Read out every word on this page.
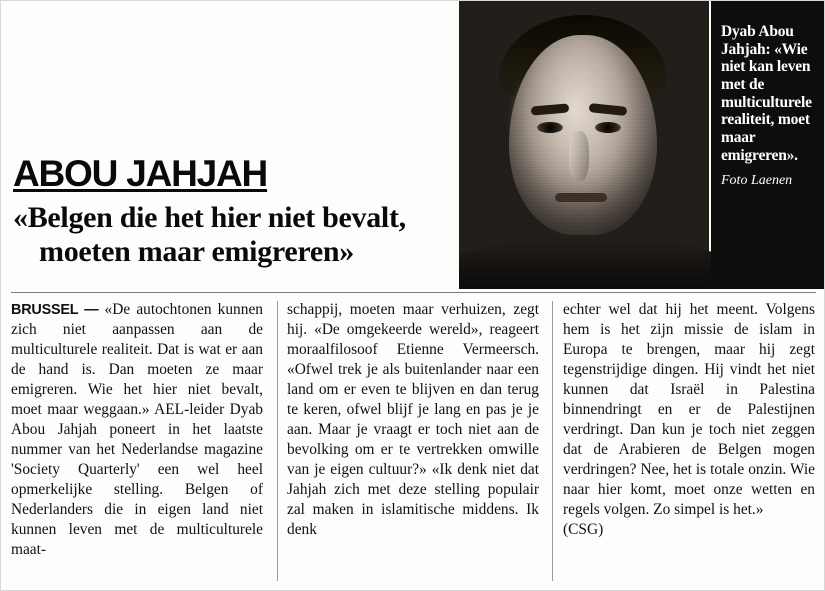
Dyab Abou Jahjah: «Wie niet kan leven met de multiculturele realiteit, moet maar emigreren».
Foto Laenen
ABOU JAHJAH
«Belgen die het hier niet bevalt,
moeten maar emigreren»

BRUSSEL — «De autochtonen kunnen zich niet aanpassen aan de multiculturele realiteit. Dat is wat er aan de hand is. Dan moeten ze maar emigreren. Wie het hier niet bevalt, moet maar weggaan.» AEL-leider Dyab Abou Jahjah poneert in het laatste nummer van het Nederlandse magazine 'Society Quarterly' een wel heel opmerkelijke stelling. Belgen of Nederlanders die in eigen land niet kunnen leven met de multiculturele maat-

schappij, moeten maar verhuizen, zegt hij. «De omgekeerde wereld», reageert moraalfilosoof Etienne Vermeersch. «Ofwel trek je als buitenlander naar een land om er even te blijven en dan terug te keren, ofwel blijf je lang en pas je je aan. Maar je vraagt er toch niet aan de bevolking om er te vertrekken omwille van je eigen cultuur?» «Ik denk niet dat Jahjah zich met deze stelling populair zal maken in islamitische middens. Ik denk

echter wel dat hij het meent. Volgens hem is het zijn missie de islam in Europa te brengen, maar hij zegt tegenstrijdige dingen. Hij vindt het niet kunnen dat Israël in Palestina binnendringt en er de Palestijnen verdringt. Dan kun je toch niet zeggen dat de Arabieren de Belgen mogen verdringen? Nee, het is totale onzin. Wie naar hier komt, moet onze wetten en regels volgen. Zo simpel is het.»

(CSG)
